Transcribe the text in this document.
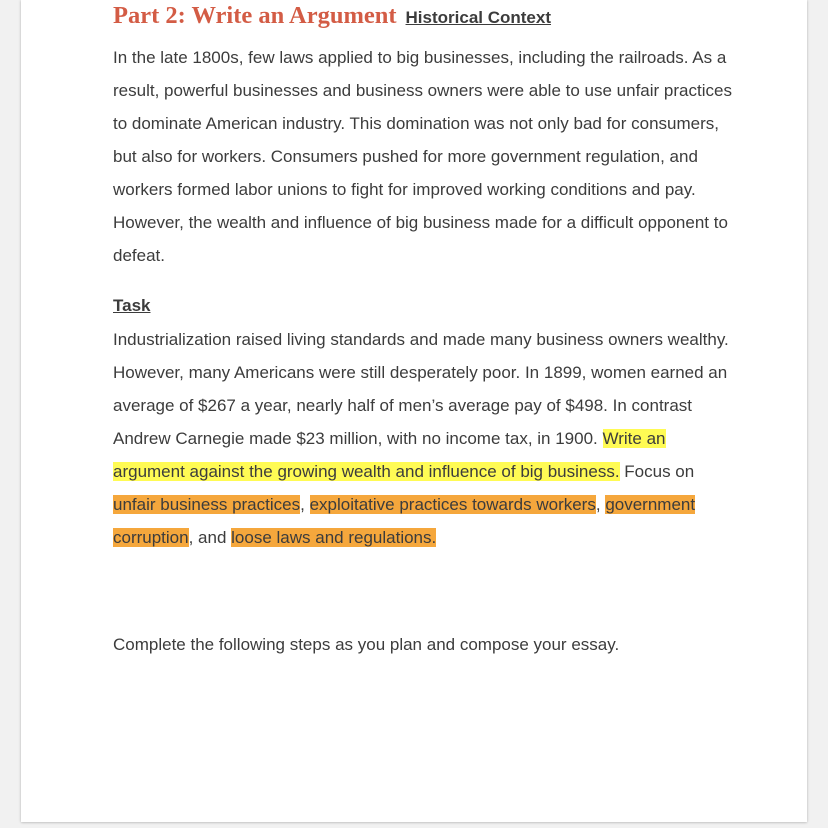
Part 2: Write an Argument Historical Context

In the late 1800s, few laws applied to big businesses, including the railroads. As a result, powerful businesses and business owners were able to use unfair practices to dominate American industry. This domination was not only bad for consumers, but also for workers. Consumers pushed for more government regulation, and workers formed labor unions to fight for improved working conditions and pay. However, the wealth and influence of big business made for a difficult opponent to defeat.

Task

Industrialization raised living standards and made many business owners wealthy. However, many Americans were still desperately poor. In 1899, women earned an average of $267 a year, nearly half of men’s average pay of $498. In contrast Andrew Carnegie made $23 million, with no income tax, in 1900. Write an argument against the growing wealth and influence of big business. Focus on unfair business practices, exploitative practices towards workers, government corruption, and loose laws and regulations.

Complete the following steps as you plan and compose your essay.
